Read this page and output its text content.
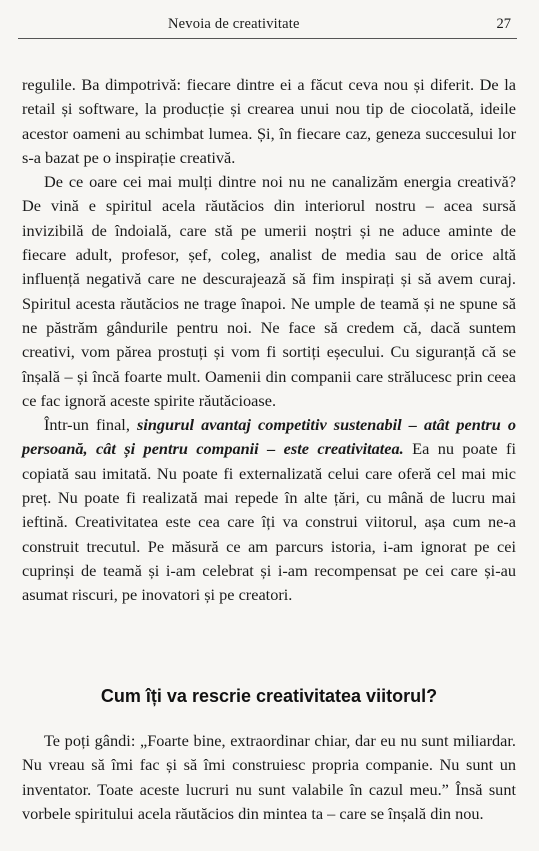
Nevoia de creativitate	27

regulile. Ba dimpotrivă: fiecare dintre ei a făcut ceva nou și diferit. De la retail și software, la producție și crearea unui nou tip de ciocolată, ideile acestor oameni au schimbat lumea. Și, în fiecare caz, geneza succesului lor s-a bazat pe o inspirație creativă.

De ce oare cei mai mulți dintre noi nu ne canalizăm energia creativă? De vină e spiritul acela răutăcios din interiorul nostru – acea sursă invizibilă de îndoială, care stă pe umerii noștri și ne aduce aminte de fiecare adult, profesor, șef, coleg, analist de media sau de orice altă influență negativă care ne descurajează să fim inspirați și să avem curaj. Spiritul acesta răutăcios ne trage înapoi. Ne umple de teamă și ne spune să ne păstrăm gândurile pentru noi. Ne face să credem că, dacă suntem creativi, vom părea prostuți și vom fi sortiți eșecului. Cu siguranță că se înșală – și încă foarte mult. Oamenii din companii care strălucesc prin ceea ce fac ignoră aceste spirite răutăcioase.

Într-un final, singurul avantaj competitiv sustenabil – atât pentru o persoană, cât și pentru companii – este creativitatea. Ea nu poate fi copiată sau imitată. Nu poate fi externalizată celui care oferă cel mai mic preț. Nu poate fi realizată mai repede în alte țări, cu mână de lucru mai ieftină. Creativitatea este cea care îți va construi viitorul, așa cum ne-a construit trecutul. Pe măsură ce am parcurs istoria, i-am ignorat pe cei cuprinși de teamă și i-am celebrat și i-am recompensat pe cei care și-au asumat riscuri, pe inovatori și pe creatori.

Cum îți va rescrie creativitatea viitorul?

Te poți gândi: „Foarte bine, extraordinar chiar, dar eu nu sunt miliardar. Nu vreau să îmi fac și să îmi construiesc propria companie. Nu sunt un inventator. Toate aceste lucruri nu sunt valabile în cazul meu.” Însă sunt vorbele spiritului acela răutăcios din mintea ta – care se înșală din nou.
